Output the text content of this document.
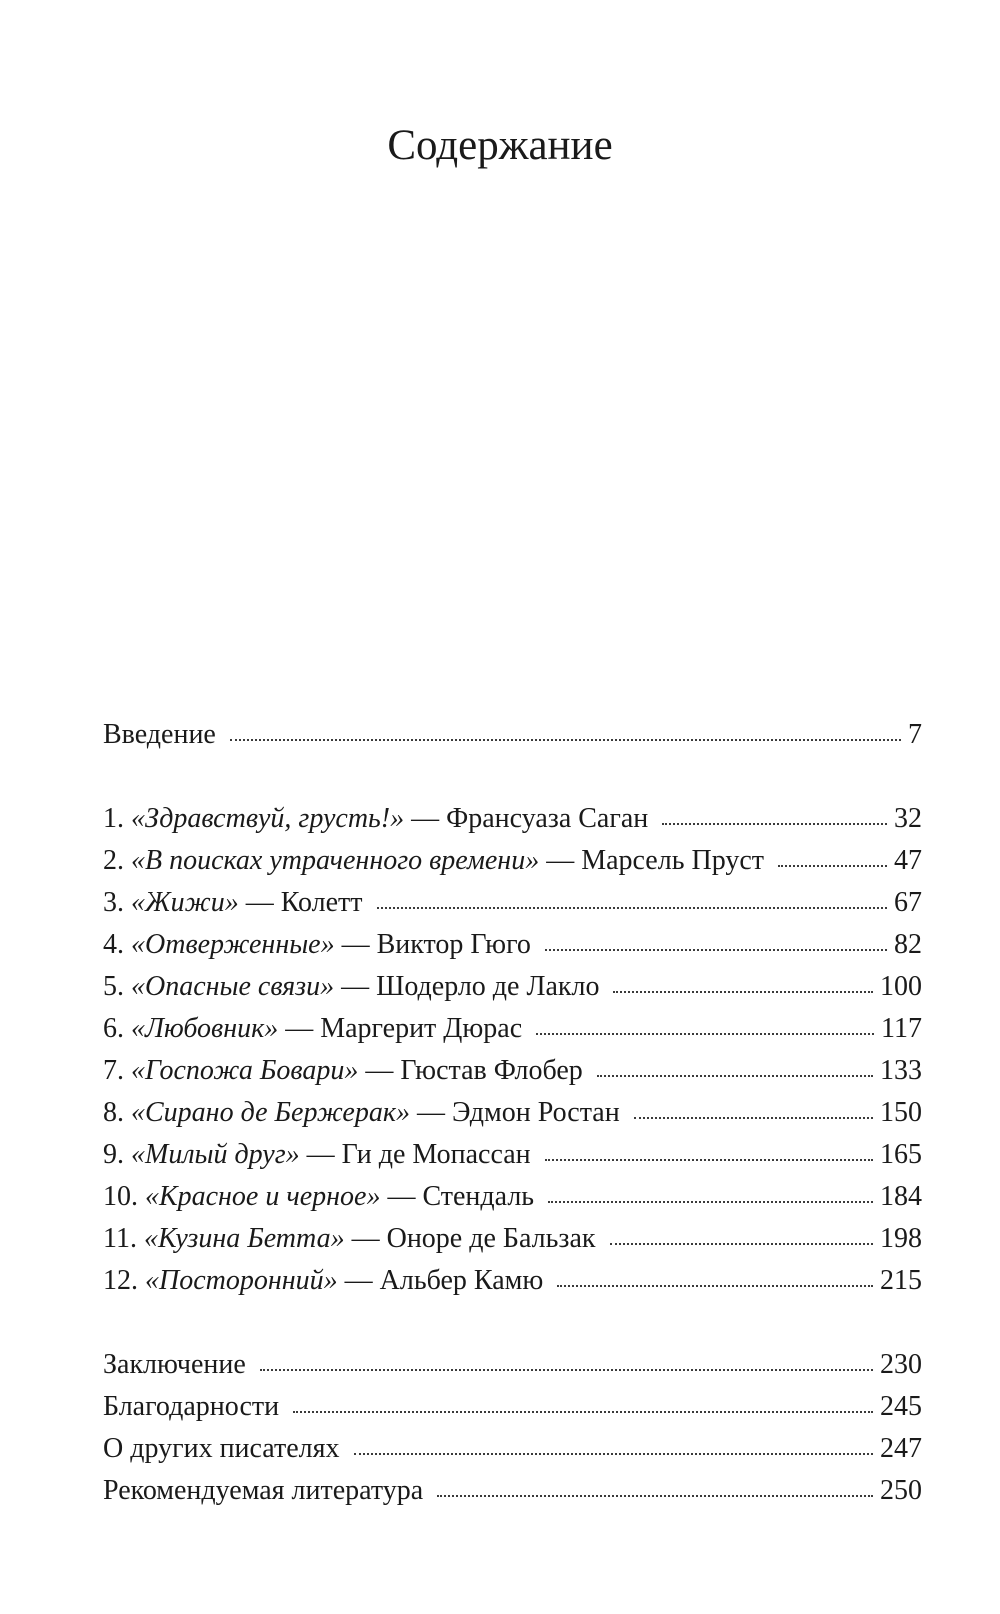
Содержание
Введение	7
1. «Здравствуй, грусть!» — Франсуаза Саган	32
2. «В поисках утраченного времени» — Марсель Пруст	47
3. «Жижи» — Колетт	67
4. «Отверженные» — Виктор Гюго	82
5. «Опасные связи» — Шодерло де Лакло	100
6. «Любовник» — Маргерит Дюрас	117
7. «Госпожа Бовари» — Гюстав Флобер	133
8. «Сирано де Бержерак» — Эдмон Ростан	150
9. «Милый друг» — Ги де Мопассан	165
10. «Красное и черное» — Стендаль	184
11. «Кузина Бетта» — Оноре де Бальзак	198
12. «Посторонний» — Альбер Камю	215
Заключение	230
Благодарности	245
О других писателях	247
Рекомендуемая литература	250
